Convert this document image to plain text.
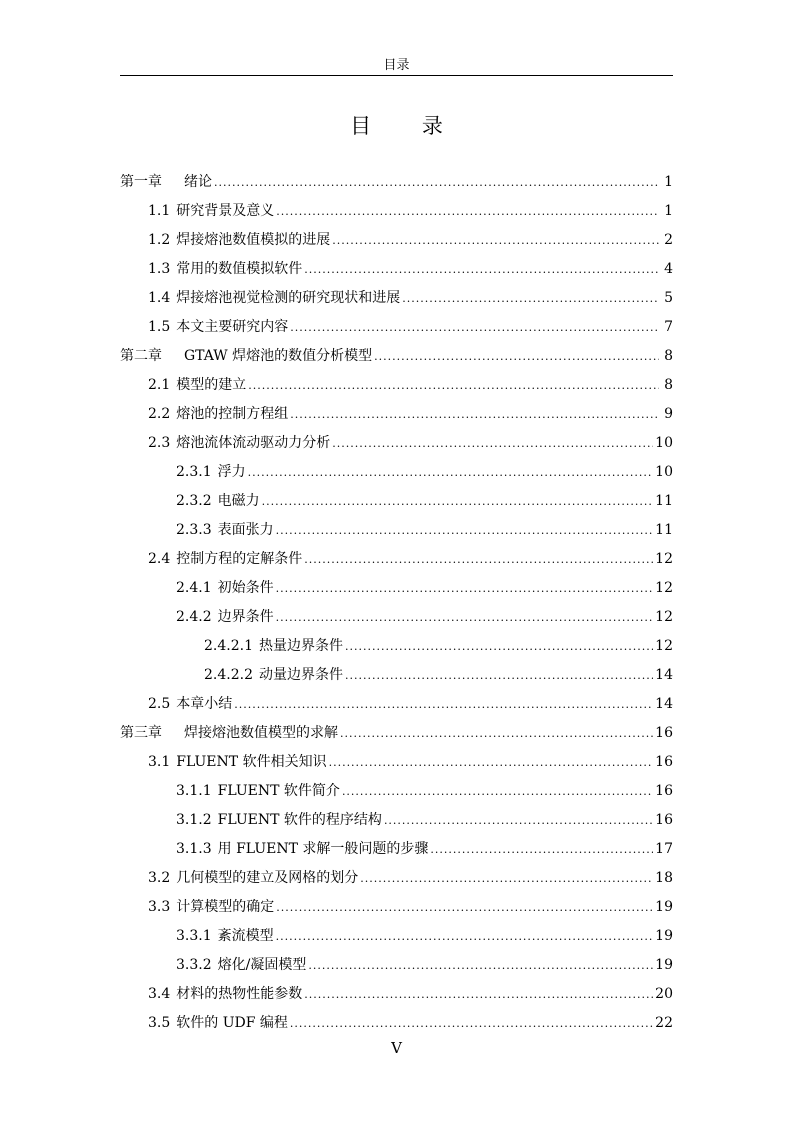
目录
目 录
第一章 绪论 .....	1
1.1 研究背景及意义 .....	1
1.2 焊接熔池数值模拟的进展 .....	2
1.3 常用的数值模拟软件 .....	4
1.4 焊接熔池视觉检测的研究现状和进展 .....	5
1.5 本文主要研究内容 .....	7
第二章 GTAW 焊熔池的数值分析模型 .....	8
2.1 模型的建立 .....	8
2.2 熔池的控制方程组 .....	9
2.3 熔池流体流动驱动力分析 .....	10
2.3.1 浮力 .....	10
2.3.2 电磁力 .....	11
2.3.3 表面张力 .....	11
2.4 控制方程的定解条件 .....	12
2.4.1 初始条件 .....	12
2.4.2 边界条件 .....	12
2.4.2.1 热量边界条件 .....	12
2.4.2.2 动量边界条件 .....	14
2.5 本章小结 .....	14
第三章 焊接熔池数值模型的求解 .....	16
3.1 FLUENT 软件相关知识 .....	16
3.1.1 FLUENT 软件简介 .....	16
3.1.2 FLUENT 软件的程序结构 .....	16
3.1.3 用 FLUENT 求解一般问题的步骤 .....	17
3.2 几何模型的建立及网格的划分 .....	18
3.3 计算模型的确定 .....	19
3.3.1 紊流模型 .....	19
3.3.2 熔化/凝固模型 .....	19
3.4 材料的热物性能参数 .....	20
3.5 软件的 UDF 编程 .....	22
V
